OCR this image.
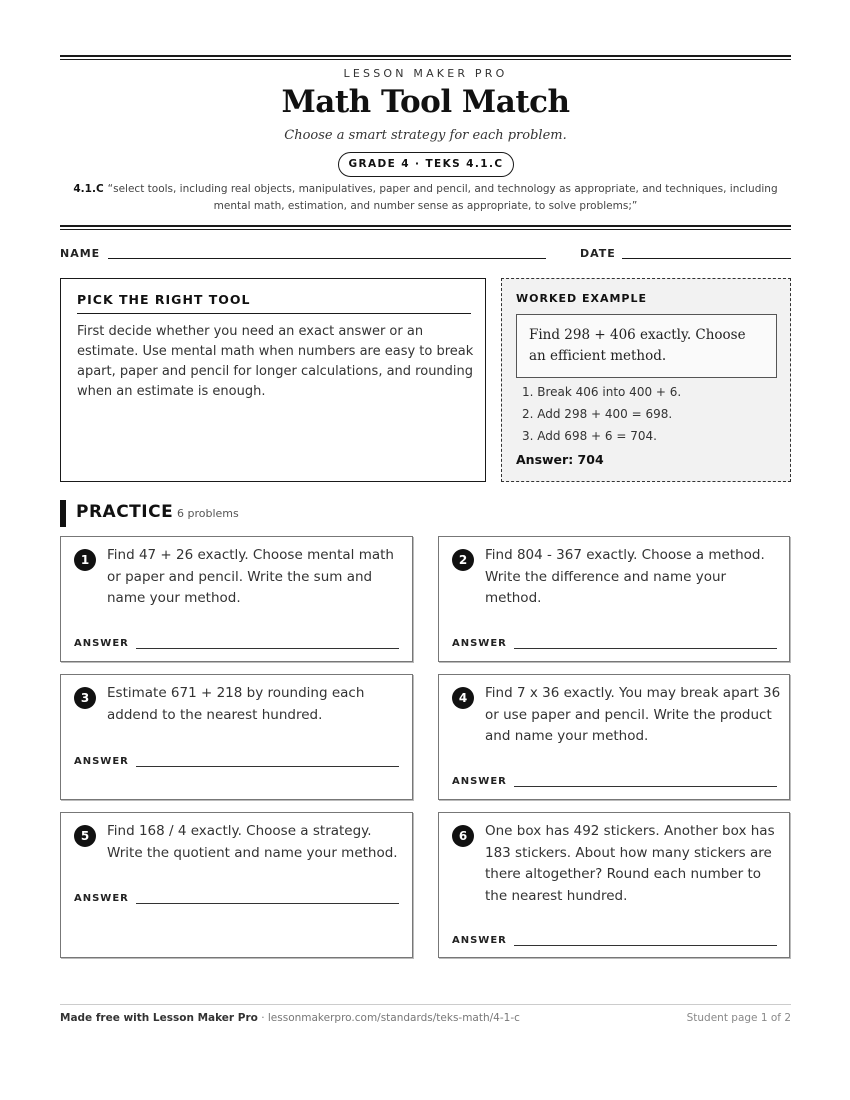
LESSON MAKER PRO
Math Tool Match
Choose a smart strategy for each problem.
GRADE 4 · TEKS 4.1.C
4.1.C “select tools, including real objects, manipulatives, paper and pencil, and technology as appropriate, and techniques, including mental math, estimation, and number sense as appropriate, to solve problems;”
NAME	DATE
PICK THE RIGHT TOOL
First decide whether you need an exact answer or an estimate. Use mental math when numbers are easy to break apart, paper and pencil for longer calculations, and rounding when an estimate is enough.
WORKED EXAMPLE
Find 298 + 406 exactly. Choose an efficient method.
1. Break 406 into 400 + 6.
2. Add 298 + 400 = 698.
3. Add 698 + 6 = 704.
Answer: 704
PRACTICE 6 problems
1	Find 47 + 26 exactly. Choose mental math or paper and pencil. Write the sum and name your method.
ANSWER
2	Find 804 - 367 exactly. Choose a method. Write the difference and name your method.
ANSWER
3	Estimate 671 + 218 by rounding each addend to the nearest hundred.
ANSWER
4	Find 7 x 36 exactly. You may break apart 36 or use paper and pencil. Write the product and name your method.
ANSWER
5	Find 168 / 4 exactly. Choose a strategy. Write the quotient and name your method.
ANSWER
6	One box has 492 stickers. Another box has 183 stickers. About how many stickers are there altogether? Round each number to the nearest hundred.
ANSWER
Made free with Lesson Maker Pro · lessonmakerpro.com/standards/teks-math/4-1-c	Student page 1 of 2
